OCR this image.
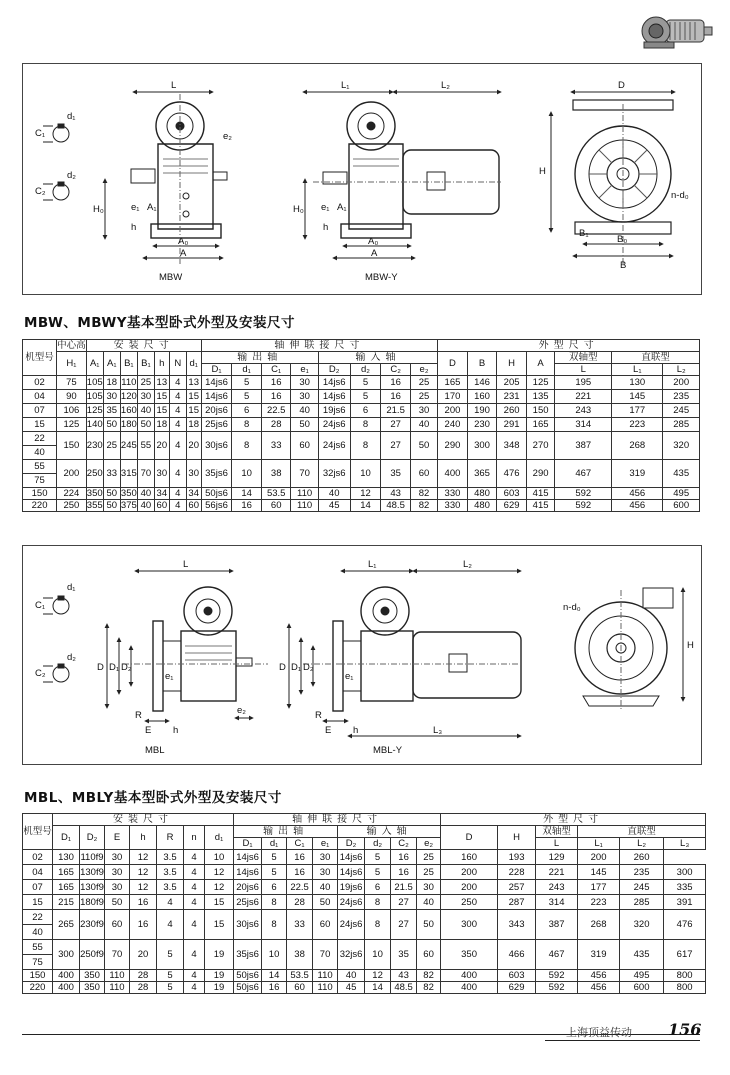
d₁
C₁
d₂
C₂
L
H₀
A₀
A
e₁ A₁
h
e₂
MBW
L₁	L₂
H₀
A₀
A
e₁ A₁
h
MBW-Y
D
H
B₀
B
B₁
n-d₀
MBW、MBWY基本型卧式外型及安装尺寸
机型号	中心高	安装尺寸							轴伸联接尺寸								外型尺寸						
	H₁	A₁	A₁	B₁	B₁	h	N	d₁	输出轴				输入轴				D	B	H	A	双轴型	直联型	
									D₁	d₁	C₁	e₁	D₂	d₂	C₂	e₂					L	L₁	L₂
02	75	105	18	110	25	13	4	13	14js6	5	16	30	14js6	5	16	25	165	146	205	125	195	130	200
04	90	105	30	120	30	15	4	15	14js6	5	16	30	14js6	5	16	25	170	160	231	135	221	145	235
07	106	125	35	160	40	15	4	15	20js6	6	22.5	40	19js6	6	21.5	30	200	190	260	150	243	177	245
15	125	140	50	180	50	18	4	18	25js6	8	28	50	24js6	8	27	40	240	230	291	165	314	223	285
22	150	230	25	245	55	20	4	20	30js6	8	33	60	24js6	8	27	50	290	300	348	270	387	268	320
40																							
55	200	250	33	315	70	30	4	30	35js6	10	38	70	32js6	10	35	60	400	365	476	290	467	319	435
75																							
150	224	350	50	350	40	34	4	34	50js6	14	53.5	110	40	12	43	82	330	480	603	415	592	456	495
220	250	355	50	375	40	60	4	60	56js6	16	60	110	45	14	48.5	82	330	480	629	415	592	456	600
d₁
C₁
d₂
C₂
L
D D₁ D₂
e₁
R
E h
e₂
MBL
L₁	L₂
L₃
D D₁ D₂
e₁
R
E h
MBL-Y
n-d₀
H
MBL、MBLY基本型卧式外型及安装尺寸
机型号	安装尺寸							轴伸联接尺寸								外型尺寸					
	D₁	D₂	E	h	R	n	d₁	输出轴				输入轴				D	H	双轴型	直联型		
								D₁	d₁	C₁	e₁	D₂	d₂	C₂	e₂			L	L₁	L₂	L₃
02	130	110f9	30	12	3.5	4	10	14js6	5	16	30	14js6	5	16	25	160	193	129	200	260	
04	165	130f9	30	12	3.5	4	12	14js6	5	16	30	14js6	5	16	25	200	228	221	145	235	300
07	165	130f9	30	12	3.5	4	12	20js6	6	22.5	40	19js6	6	21.5	30	200	257	243	177	245	335
15	215	180f9	50	16	4	4	15	25js6	8	28	50	24js6	8	27	40	250	287	314	223	285	391
22	265	230f9	60	16	4	4	15	30js6	8	33	60	24js6	8	27	50	300	343	387	268	320	476
40																					
55	300	250f9	70	20	5	4	19	35js6	10	38	70	32js6	10	35	60	350	466	467	319	435	617
75																					
150	400	350	110	28	5	4	19	50js6	14	53.5	110	40	12	43	82	400	603	592	456	495	800
220	400	350	110	28	5	4	19	50js6	16	60	110	45	14	48.5	82	400	629	592	456	600	800
上海顶益传动 156
